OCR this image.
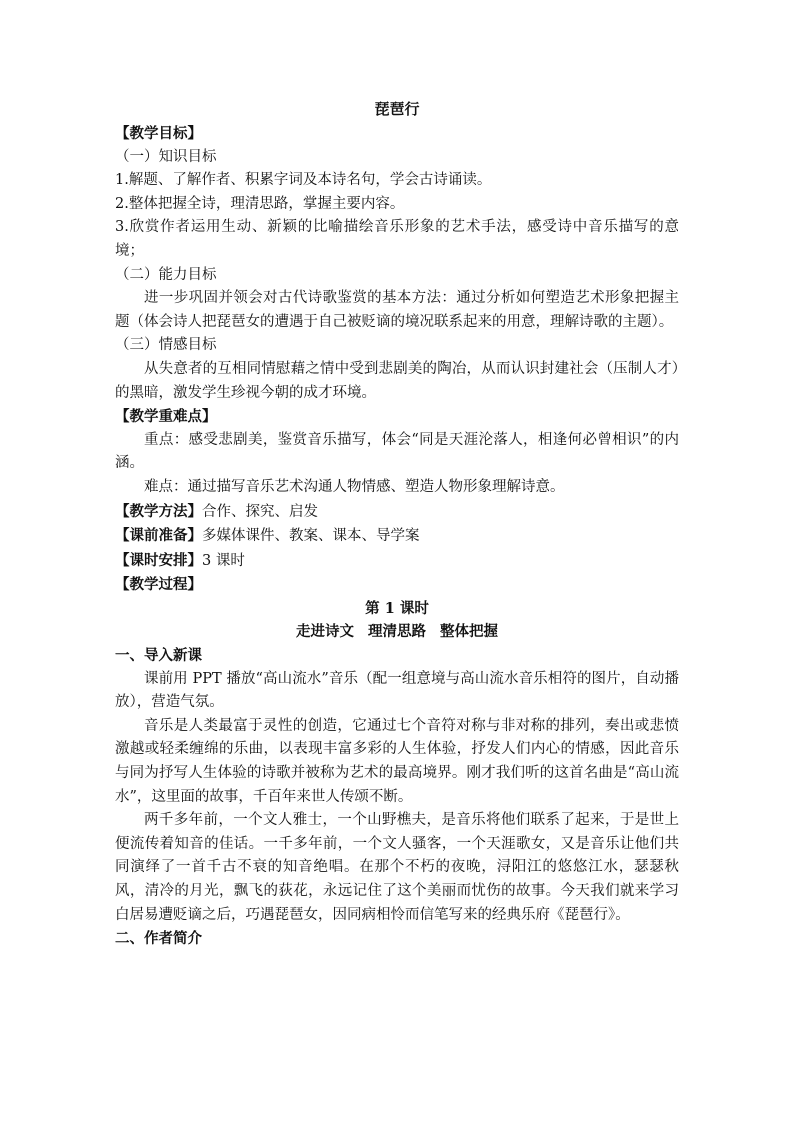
琵琶行
【教学目标】
（一）知识目标
1.解题、了解作者、积累字词及本诗名句，学会古诗诵读。
2.整体把握全诗，理清思路，掌握主要内容。
3.欣赏作者运用生动、新颖的比喻描绘音乐形象的艺术手法，感受诗中音乐描写的意境；
（二）能力目标
进一步巩固并领会对古代诗歌鉴赏的基本方法：通过分析如何塑造艺术形象把握主题（体会诗人把琵琶女的遭遇于自己被贬谪的境况联系起来的用意，理解诗歌的主题）。
（三）情感目标
从失意者的互相同情慰藉之情中受到悲剧美的陶冶，从而认识封建社会（压制人才）的黑暗，激发学生珍视今朝的成才环境。
【教学重难点】
重点：感受悲剧美，鉴赏音乐描写，体会“同是天涯沦落人，相逢何必曾相识”的内涵。
难点：通过描写音乐艺术沟通人物情感、塑造人物形象理解诗意。
【教学方法】合作、探究、启发
【课前准备】多媒体课件、教案、课本、导学案
【课时安排】3 课时
【教学过程】
第 1 课时
走进诗文 理清思路 整体把握
一、导入新课
课前用 PPT 播放“高山流水”音乐（配一组意境与高山流水音乐相符的图片，自动播放），营造气氛。
音乐是人类最富于灵性的创造，它通过七个音符对称与非对称的排列，奏出或悲愤激越或轻柔缠绵的乐曲，以表现丰富多彩的人生体验，抒发人们内心的情感，因此音乐与同为抒写人生体验的诗歌并被称为艺术的最高境界。刚才我们听的这首名曲是“高山流水”，这里面的故事，千百年来世人传颂不断。
两千多年前，一个文人雅士，一个山野樵夫，是音乐将他们联系了起来，于是世上便流传着知音的佳话。一千多年前，一个文人骚客，一个天涯歌女，又是音乐让他们共同演绎了一首千古不衰的知音绝唱。在那个不朽的夜晚，浔阳江的悠悠江水，瑟瑟秋风，清冷的月光，飘飞的荻花，永远记住了这个美丽而忧伤的故事。今天我们就来学习白居易遭贬谪之后，巧遇琵琶女，因同病相怜而信笔写来的经典乐府《琵琶行》。
二、作者简介
